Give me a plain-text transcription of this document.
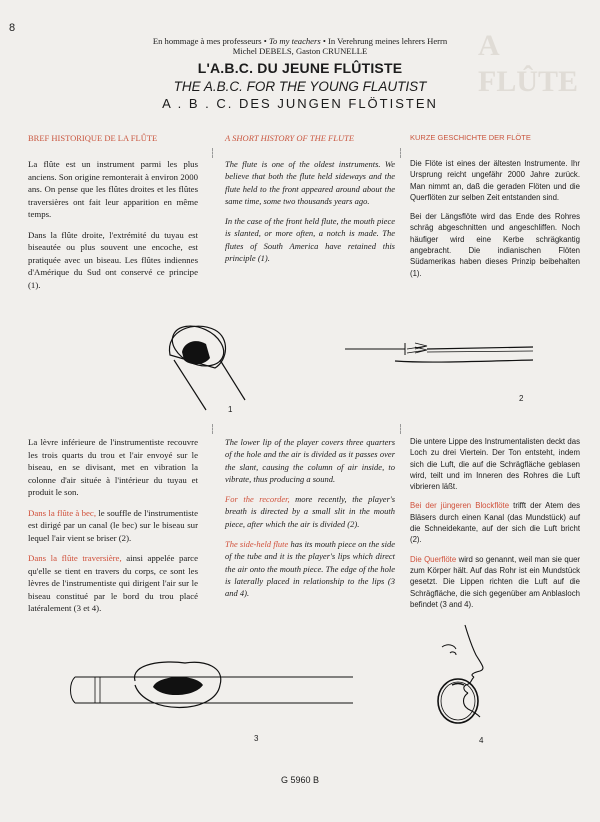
8
A FLÛTE
En hommage à mes professeurs • To my teachers • In Verehrung meines lehrers Herrn
Michel DEBELS, Gaston CRUNELLE
L'A.B.C. DU JEUNE FLÛTISTE
THE A.B.C. FOR THE YOUNG FLAUTIST
A . B . C. DES JUNGEN FLÖTISTEN
BREF HISTORIQUE DE LA FLÛTE	A SHORT HISTORY OF THE FLUTE	KURZE GESCHICHTE DER FLÖTE

La flûte est un instrument parmi les plus anciens. Son origine remonterait à environ 2000 ans. On pense que les flûtes droites et les flûtes traversières ont fait leur apparition en même temps.

Dans la flûte droite, l'extrémité du tuyau est biseautée ou plus souvent une encoche, est pratiquée avec un biseau. Les flûtes indiennes d'Amérique du Sud ont conservé ce principe (1).

The flute is one of the oldest instruments. We believe that both the flute held sideways and the flute held to the front appeared around about the same time, some two thousands years ago.

In the case of the front held flute, the mouth piece is slanted, or more often, a notch is made. The flutes of South America have retained this principle (1).

Die Flöte ist eines der ältesten Instrumente. Ihr Ursprung reicht ungefähr 2000 Jahre zurück. Man nimmt an, daß die geraden Flöten und die Querflöten zur selben Zeit entstanden sind.

Bei der Längsflöte wird das Ende des Rohres schräg abgeschnitten und angeschliffen. Noch häufiger wird eine Kerbe schrägkantig angebracht. Die indianischen Flöten Südamerikas haben dieses Prinzip beibehalten (1).

1
2

La lèvre inférieure de l'instrumentiste recouvre les trois quarts du trou et l'air envoyé sur le biseau, en se divisant, met en vibration la colonne d'air située à l'intérieur du tuyau et produit le son.

Dans la flûte à bec, le souffle de l'instrumentiste est dirigé par un canal (le bec) sur le biseau sur lequel l'air vient se briser (2).

Dans la flûte traversière, ainsi appelée parce qu'elle se tient en travers du corps, ce sont les lèvres de l'instrumentiste qui dirigent l'air sur le biseau constitué par le bord du trou placé latéralement (3 et 4).

The lower lip of the player covers three quarters of the hole and the air is divided as it passes over the slant, causing the column of air inside, to vibrate, thus producing a sound.

For the recorder, more recently, the player's breath is directed by a small slit in the mouth piece, after which the air is divided (2).

The side-held flute has its mouth piece on the side of the tube and it is the player's lips which direct the air onto the mouth piece. The edge of the hole is laterally placed in relationship to the lips (3 and 4).

Die untere Lippe des Instrumentalisten deckt das Loch zu drei Viertein. Der Ton entsteht, indem sich die Luft, die auf die Schrägfläche geblasen wird, teilt und im Inneren des Rohres die Luft vibrieren läßt.

Bei der jüngeren Blockflöte trifft der Atem des Bläsers durch einen Kanal (das Mundstück) auf die Schneidekante, auf der sich die Luft bricht (2).

Die Querflöte wird so genannt, weil man sie quer zum Körper hält. Auf das Rohr ist ein Mundstück gesetzt. Die Lippen richten die Luft auf die Schrägfläche, die sich gegenüber am Anblasloch befindet (3 and 4).

3	4
G 5960 B
